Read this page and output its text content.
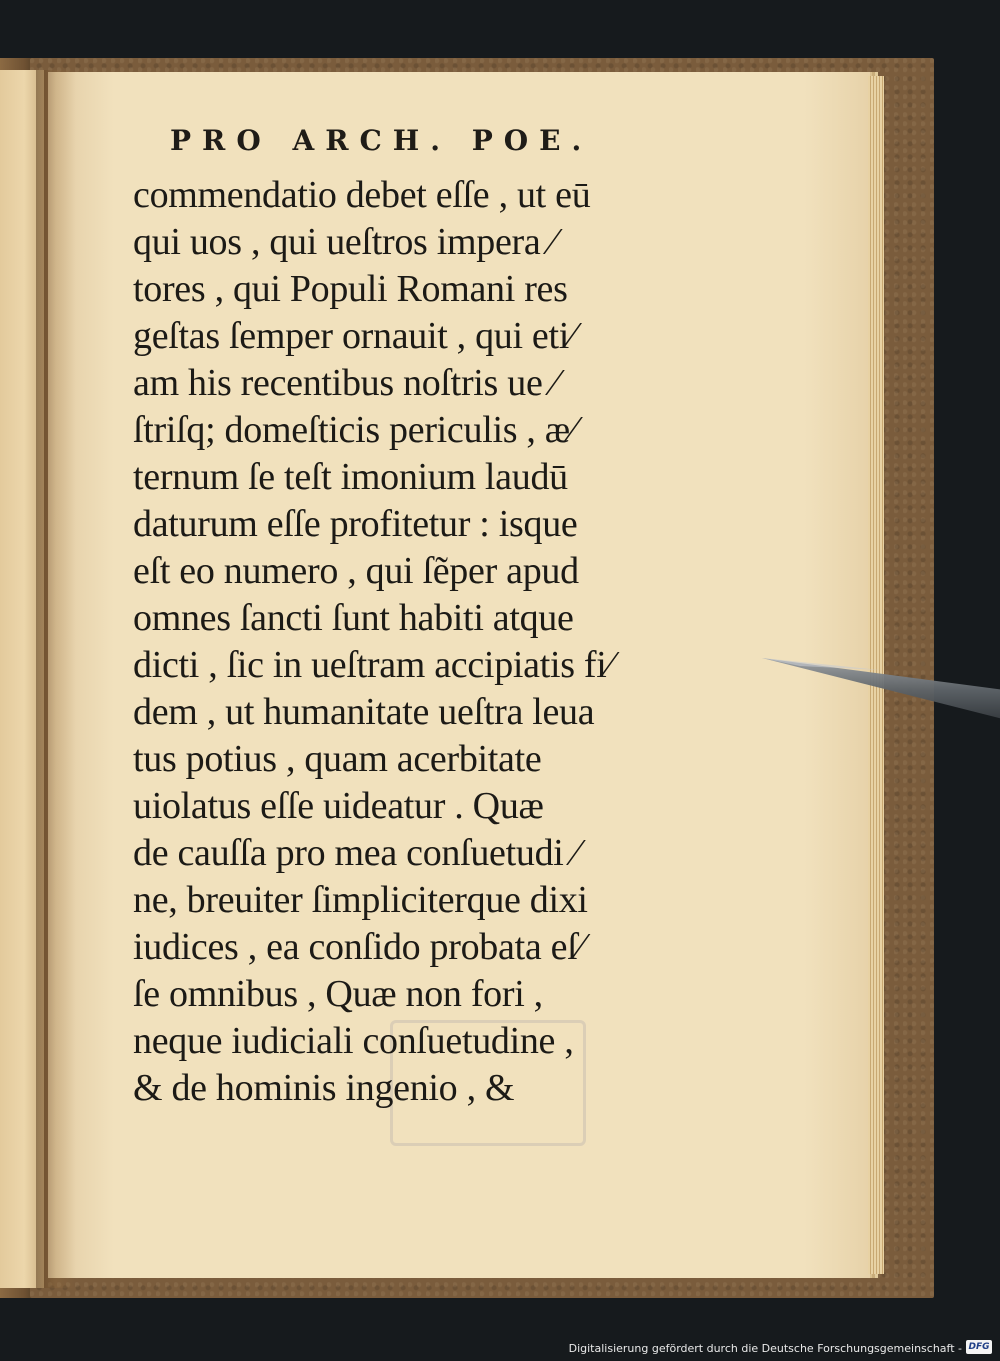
PRO ARCH. POE.
commendatio debet eſſe , ut eū
qui uos , qui ueſtros impera ⁄
tores , qui Populi Romani res
geſtas ſemper ornauit , qui eti⁄
am his recentibus noſtris ue ⁄
ſtriſq; domeſticis periculis , æ⁄
ternum ſe teſt imonium laudū
daturum eſſe profitetur : isque
eſt eo numero , qui ſẽper apud
omnes ſancti ſunt habiti atque
dicti , ſic in ueſtram accipiatis fi⁄
dem , ut humanitate ueſtra leua
tus potius , quam acerbitate
uiolatus eſſe uideatur . Quæ
de cauſſa pro mea conſuetudi ⁄
ne, breuiter ſimpliciterque dixi
iudices , ea conſido probata eſ⁄
ſe omnibus , Quæ non fori ,
neque iudiciali conſuetudine ,
& de hominis ingenio , &
Digitalisierung gefördert durch die Deutsche Forschungsgemeinschaft - DFG
